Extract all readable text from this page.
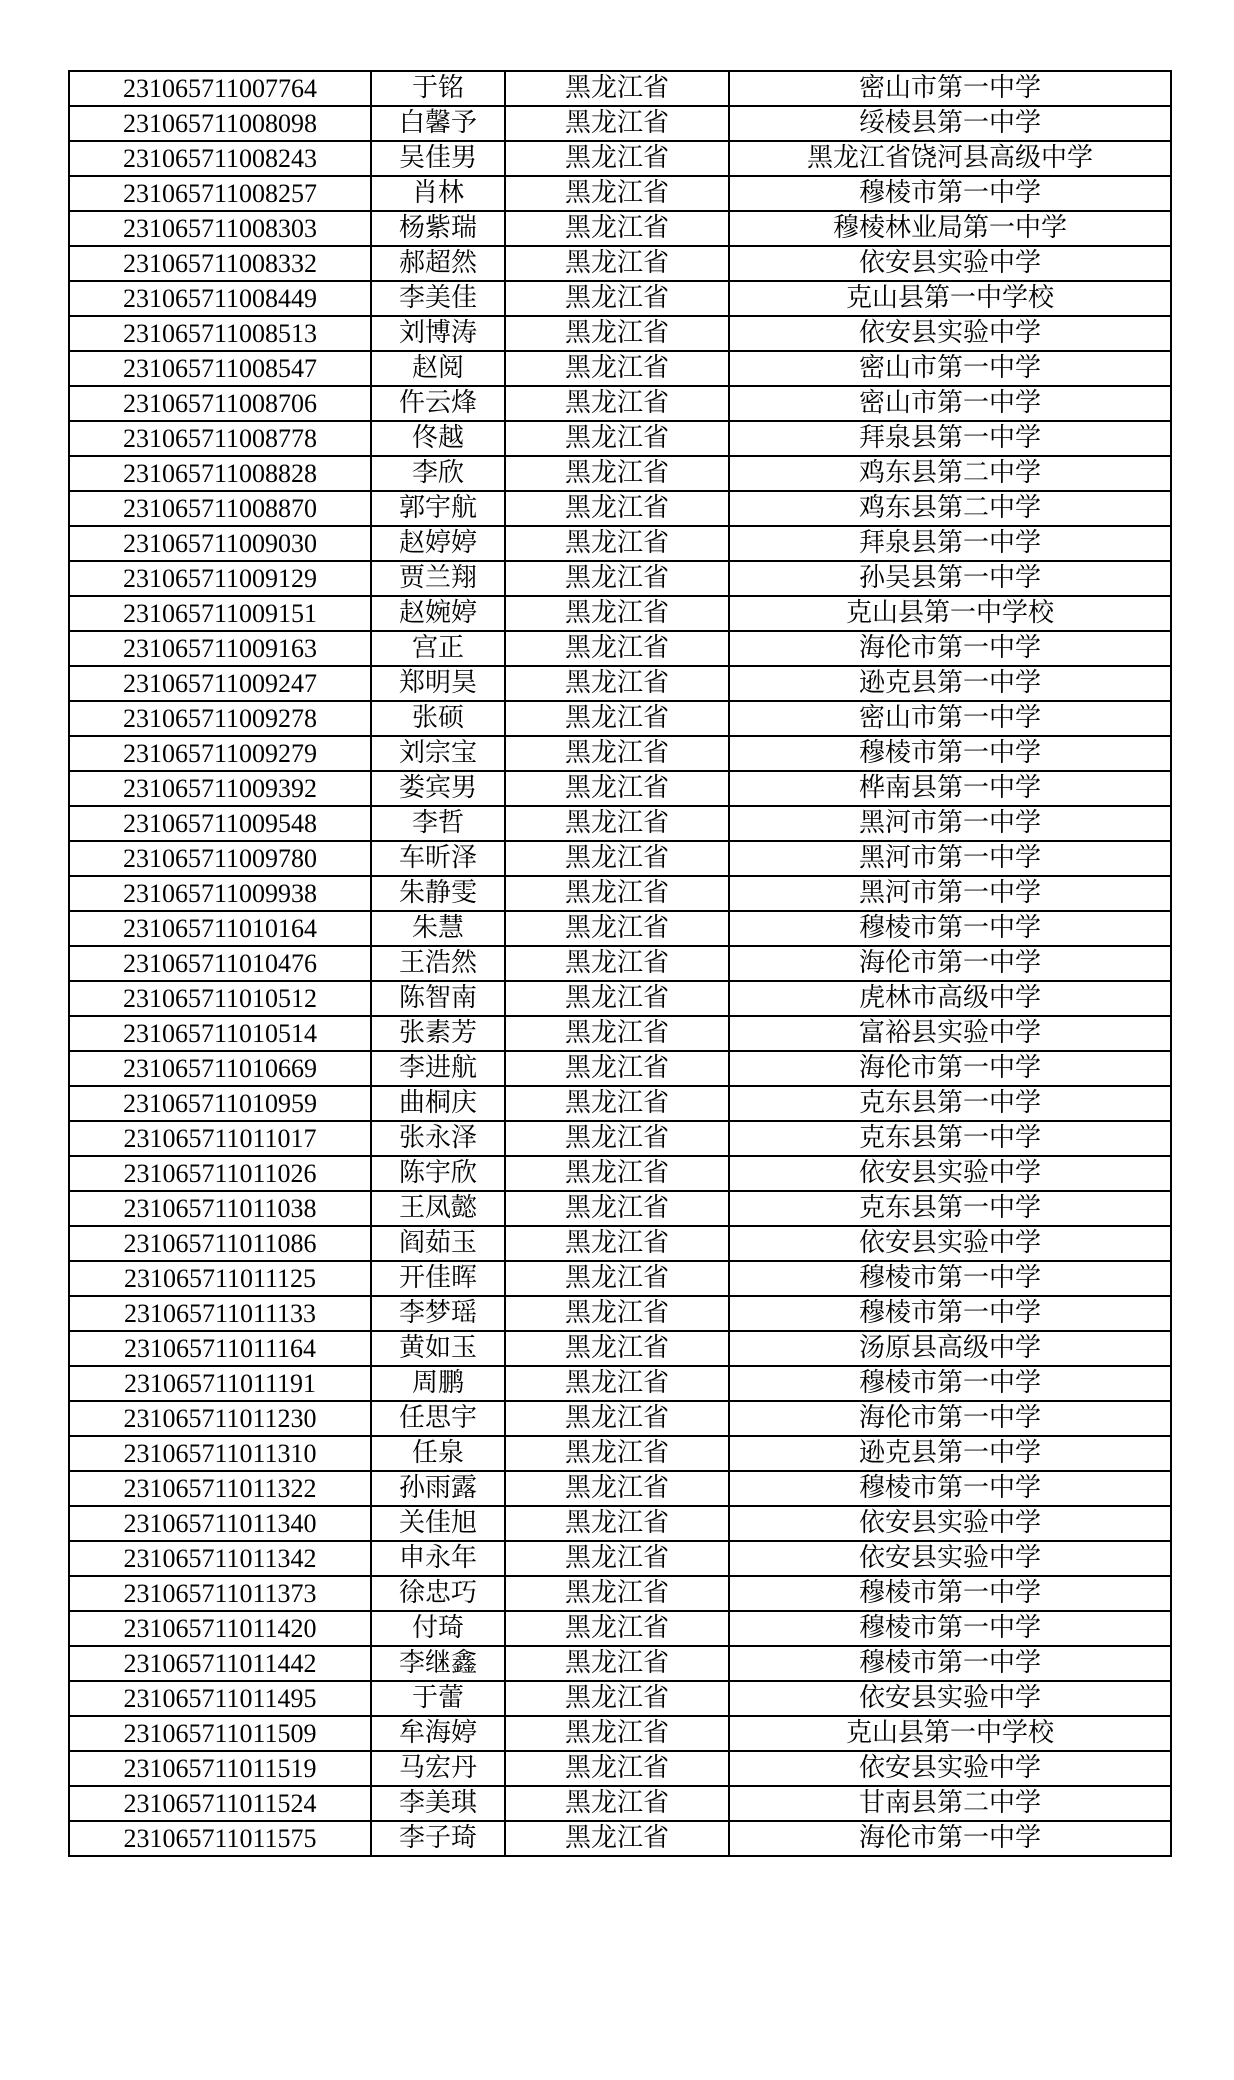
231065711007764	于铭	黑龙江省	密山市第一中学
231065711008098	白馨予	黑龙江省	绥棱县第一中学
231065711008243	吴佳男	黑龙江省	黑龙江省饶河县高级中学
231065711008257	肖林	黑龙江省	穆棱市第一中学
231065711008303	杨紫瑞	黑龙江省	穆棱林业局第一中学
231065711008332	郝超然	黑龙江省	依安县实验中学
231065711008449	李美佳	黑龙江省	克山县第一中学校
231065711008513	刘博涛	黑龙江省	依安县实验中学
231065711008547	赵阅	黑龙江省	密山市第一中学
231065711008706	仵云烽	黑龙江省	密山市第一中学
231065711008778	佟越	黑龙江省	拜泉县第一中学
231065711008828	李欣	黑龙江省	鸡东县第二中学
231065711008870	郭宇航	黑龙江省	鸡东县第二中学
231065711009030	赵婷婷	黑龙江省	拜泉县第一中学
231065711009129	贾兰翔	黑龙江省	孙吴县第一中学
231065711009151	赵婉婷	黑龙江省	克山县第一中学校
231065711009163	宫正	黑龙江省	海伦市第一中学
231065711009247	郑明昊	黑龙江省	逊克县第一中学
231065711009278	张硕	黑龙江省	密山市第一中学
231065711009279	刘宗宝	黑龙江省	穆棱市第一中学
231065711009392	娄宾男	黑龙江省	桦南县第一中学
231065711009548	李哲	黑龙江省	黑河市第一中学
231065711009780	车昕泽	黑龙江省	黑河市第一中学
231065711009938	朱静雯	黑龙江省	黑河市第一中学
231065711010164	朱慧	黑龙江省	穆棱市第一中学
231065711010476	王浩然	黑龙江省	海伦市第一中学
231065711010512	陈智南	黑龙江省	虎林市高级中学
231065711010514	张素芳	黑龙江省	富裕县实验中学
231065711010669	李进航	黑龙江省	海伦市第一中学
231065711010959	曲桐庆	黑龙江省	克东县第一中学
231065711011017	张永泽	黑龙江省	克东县第一中学
231065711011026	陈宇欣	黑龙江省	依安县实验中学
231065711011038	王凤懿	黑龙江省	克东县第一中学
231065711011086	阎茹玉	黑龙江省	依安县实验中学
231065711011125	开佳晖	黑龙江省	穆棱市第一中学
231065711011133	李梦瑶	黑龙江省	穆棱市第一中学
231065711011164	黄如玉	黑龙江省	汤原县高级中学
231065711011191	周鹏	黑龙江省	穆棱市第一中学
231065711011230	任思宇	黑龙江省	海伦市第一中学
231065711011310	任泉	黑龙江省	逊克县第一中学
231065711011322	孙雨露	黑龙江省	穆棱市第一中学
231065711011340	关佳旭	黑龙江省	依安县实验中学
231065711011342	申永年	黑龙江省	依安县实验中学
231065711011373	徐忠巧	黑龙江省	穆棱市第一中学
231065711011420	付琦	黑龙江省	穆棱市第一中学
231065711011442	李继鑫	黑龙江省	穆棱市第一中学
231065711011495	于蕾	黑龙江省	依安县实验中学
231065711011509	牟海婷	黑龙江省	克山县第一中学校
231065711011519	马宏丹	黑龙江省	依安县实验中学
231065711011524	李美琪	黑龙江省	甘南县第二中学
231065711011575	李子琦	黑龙江省	海伦市第一中学
